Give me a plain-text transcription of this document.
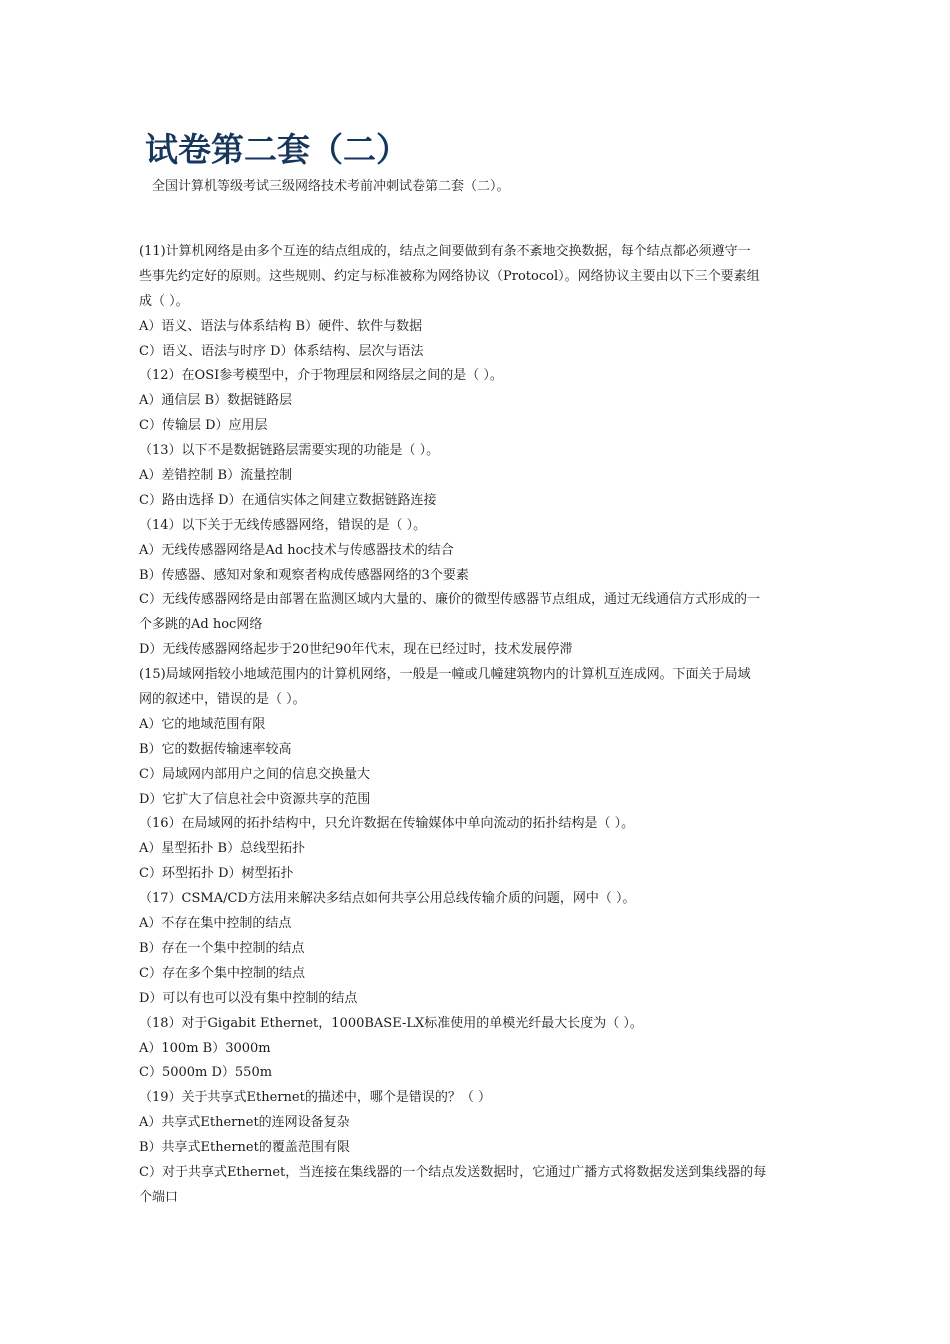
试卷第二套（二）

全国计算机等级考试三级网络技术考前冲刺试卷第二套（二）。

(11)计算机网络是由多个互连的结点组成的，结点之间要做到有条不紊地交换数据，每个结点都必须遵守一
些事先约定好的原则。这些规则、约定与标准被称为网络协议（Protocol）。网络协议主要由以下三个要素组
成（ ）。
A）语义、语法与体系结构 B）硬件、软件与数据
C）语义、语法与时序 D）体系结构、层次与语法
（12）在OSI参考模型中，介于物理层和网络层之间的是（ ）。
A）通信层 B）数据链路层
C）传输层 D）应用层
（13）以下不是数据链路层需要实现的功能是（ ）。
A）差错控制 B）流量控制
C）路由选择 D）在通信实体之间建立数据链路连接
（14）以下关于无线传感器网络，错误的是（ ）。
A）无线传感器网络是Ad hoc技术与传感器技术的结合
B）传感器、感知对象和观察者构成传感器网络的3个要素
C）无线传感器网络是由部署在监测区域内大量的、廉价的微型传感器节点组成，通过无线通信方式形成的一
个多跳的Ad hoc网络
D）无线传感器网络起步于20世纪90年代末，现在已经过时，技术发展停滞
(15)局域网指较小地域范围内的计算机网络，一般是一幢或几幢建筑物内的计算机互连成网。下面关于局域
网的叙述中，错误的是（ ）。
A）它的地域范围有限
B）它的数据传输速率较高
C）局域网内部用户之间的信息交换量大
D）它扩大了信息社会中资源共享的范围
（16）在局域网的拓扑结构中，只允许数据在传输媒体中单向流动的拓扑结构是（ ）。
A）星型拓扑 B）总线型拓扑
C）环型拓扑 D）树型拓扑
（17）CSMA/CD方法用来解决多结点如何共享公用总线传输介质的问题，网中（ ）。
A）不存在集中控制的结点
B）存在一个集中控制的结点
C）存在多个集中控制的结点
D）可以有也可以没有集中控制的结点
（18）对于Gigabit Ethernet，1000BASE-LX标准使用的单模光纤最大长度为（ ）。
A）100m B）3000m
C）5000m D）550m
（19）关于共享式Ethernet的描述中，哪个是错误的？（ ）
A）共享式Ethernet的连网设备复杂
B）共享式Ethernet的覆盖范围有限
C）对于共享式Ethernet，当连接在集线器的一个结点发送数据时，它通过广播方式将数据发送到集线器的每
个端口
